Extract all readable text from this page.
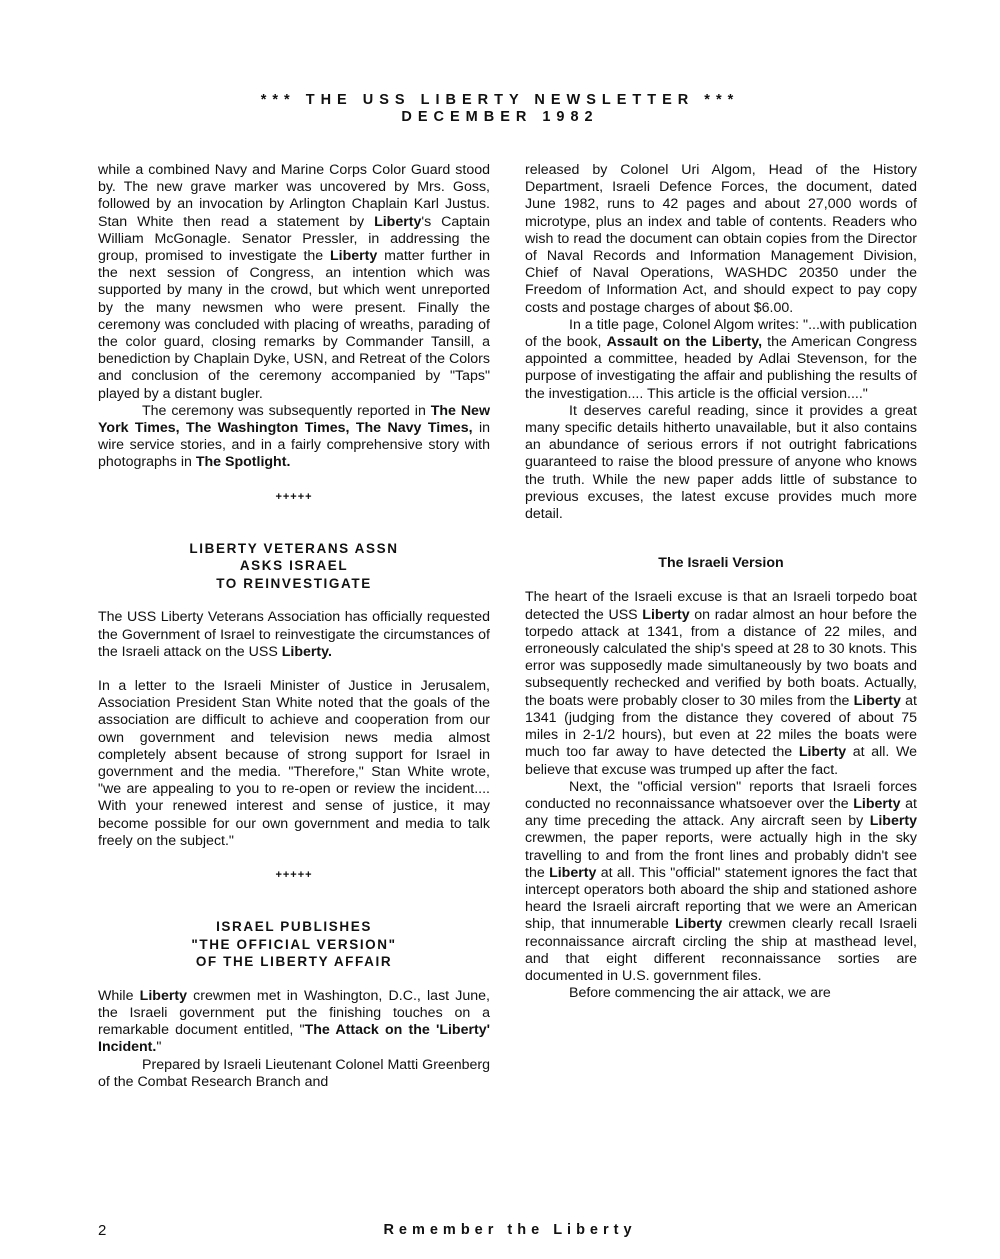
*** THE USS LIBERTY NEWSLETTER ***
DECEMBER 1982

while a combined Navy and Marine Corps Color Guard stood by. The new grave marker was uncovered by Mrs. Goss, followed by an invocation by Arlington Chaplain Karl Justus. Stan White then read a statement by Liberty's Captain William McGonagle. Senator Pressler, in addressing the group, promised to investigate the Liberty matter further in the next session of Congress, an intention which was supported by many in the crowd, but which went unreported by the many newsmen who were present. Finally the ceremony was concluded with placing of wreaths, parading of the color guard, closing remarks by Commander Tansill, a benediction by Chaplain Dyke, USN, and Retreat of the Colors and conclusion of the ceremony accompanied by "Taps" played by a distant bugler.

The ceremony was subsequently reported in The New York Times, The Washington Times, The Navy Times, in wire service stories, and in a fairly comprehensive story with photographs in The Spotlight.

+++++

LIBERTY VETERANS ASSN

ASKS ISRAEL

TO REINVESTIGATE

The USS Liberty Veterans Association has officially requested the Government of Israel to reinvestigate the circumstances of the Israeli attack on the USS Liberty.

In a letter to the Israeli Minister of Justice in Jerusalem, Association President Stan White noted that the goals of the association are difficult to achieve and cooperation from our own government and television news media almost completely absent because of strong support for Israel in government and the media. "Therefore," Stan White wrote, "we are appealing to you to re-open or review the incident.... With your renewed interest and sense of justice, it may become possible for our own government and media to talk freely on the subject."

+++++

ISRAEL PUBLISHES

"THE OFFICIAL VERSION"

OF THE LIBERTY AFFAIR

While Liberty crewmen met in Washington, D.C., last June, the Israeli government put the finishing touches on a remarkable document entitled, "The Attack on the 'Liberty' Incident."

Prepared by Israeli Lieutenant Colonel Matti Greenberg of the Combat Research Branch and

released by Colonel Uri Algom, Head of the History Department, Israeli Defence Forces, the document, dated June 1982, runs to 42 pages and about 27,000 words of microtype, plus an index and table of contents. Readers who wish to read the document can obtain copies from the Director of Naval Records and Information Management Division, Chief of Naval Operations, WASHDC 20350 under the Freedom of Information Act, and should expect to pay copy costs and postage charges of about $6.00.

In a title page, Colonel Algom writes: "...with publication of the book, Assault on the Liberty, the American Congress appointed a committee, headed by Adlai Stevenson, for the purpose of investigating the affair and publishing the results of the investigation.... This article is the official version...."

It deserves careful reading, since it provides a great many specific details hitherto unavailable, but it also contains an abundance of serious errors if not outright fabrications guaranteed to raise the blood pressure of anyone who knows the truth. While the new paper adds little of substance to previous excuses, the latest excuse provides much more detail.

The Israeli Version

The heart of the Israeli excuse is that an Israeli torpedo boat detected the USS Liberty on radar almost an hour before the torpedo attack at 1341, from a distance of 22 miles, and erroneously calculated the ship's speed at 28 to 30 knots. This error was supposedly made simultaneously by two boats and subsequently rechecked and verified by both boats. Actually, the boats were probably closer to 30 miles from the Liberty at 1341 (judging from the distance they covered of about 75 miles in 2-1/2 hours), but even at 22 miles the boats were much too far away to have detected the Liberty at all. We believe that excuse was trumped up after the fact.

Next, the "official version" reports that Israeli forces conducted no reconnaissance whatsoever over the Liberty at any time preceding the attack. Any aircraft seen by Liberty crewmen, the paper reports, were actually high in the sky travelling to and from the front lines and probably didn't see the Liberty at all. This "official" statement ignores the fact that intercept operators both aboard the ship and stationed ashore heard the Israeli aircraft reporting that we were an American ship, that innumerable Liberty crewmen clearly recall Israeli reconnaissance aircraft circling the ship at masthead level, and that eight different reconnaissance sorties are documented in U.S. government files.

Before commencing the air attack, we are

2	Remember the Liberty
